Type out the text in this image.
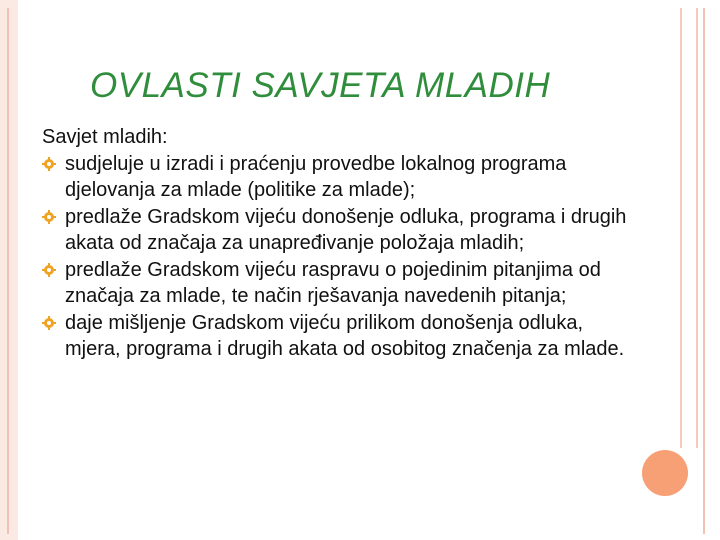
OVLASTI SAVJETA MLADIH

Savjet mladih:

sudjeluje u izradi i praćenju provedbe lokalnog programa djelovanja za mlade (politike za mlade);
predlaže Gradskom vijeću donošenje odluka, programa i drugih akata od značaja za unapređivanje položaja mladih;
predlaže Gradskom vijeću raspravu o pojedinim pitanjima od značaja za mlade, te način rješavanja navedenih pitanja;
daje mišljenje Gradskom vijeću prilikom donošenja odluka, mjera, programa i drugih akata od osobitog značenja za mlade.
